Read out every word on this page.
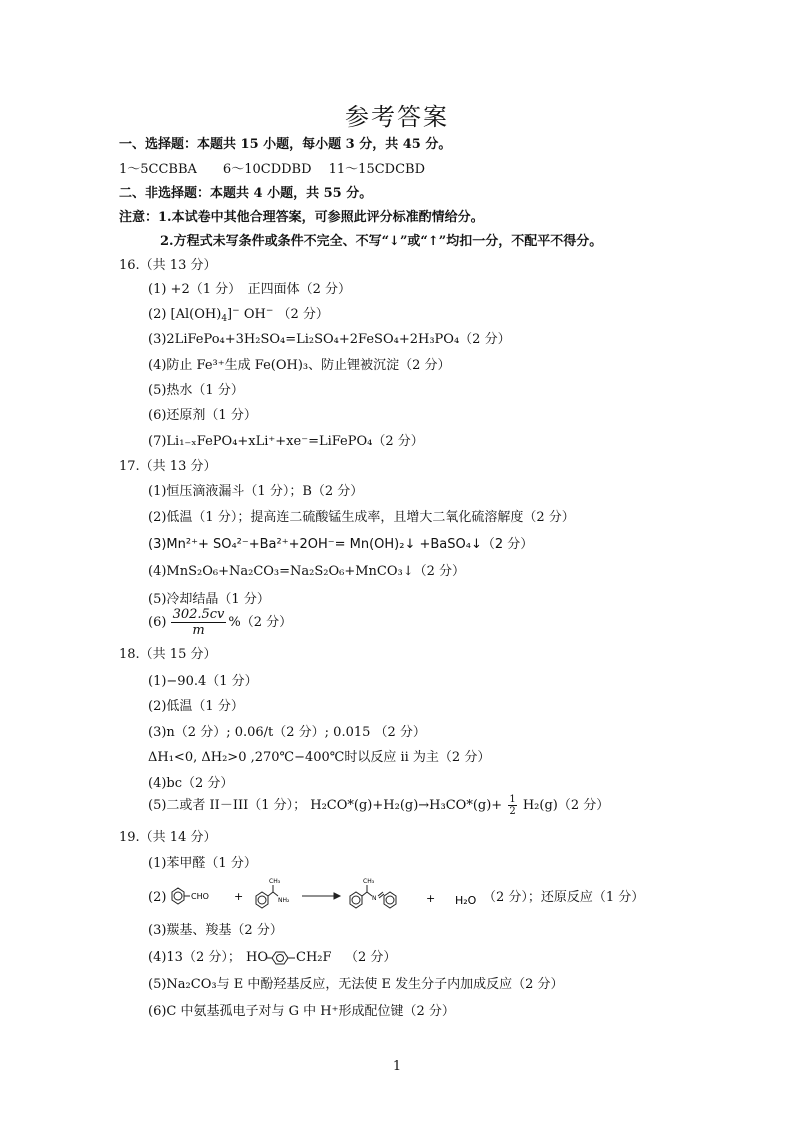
参考答案
一、选择题：本题共 15 小题，每小题 3 分，共 45 分。
1～5CCBBA　　6～10CDDBD　 11～15CDCBD
二、非选择题：本题共 4 小题，共 55 分。
注意：1.本试卷中其他合理答案，可参照此评分标准酌情给分。
2.方程式未写条件或条件不完全、不写“↓”或“↑”均扣一分，不配平不得分。
16.（共 13 分）
(1) +2（1 分）　正四面体（2 分）
(2) $[Al(OH)_4]^-$ OH− （2 分）
(3)2LiFePo₄+3H₂SO₄=Li₂SO₄+2FeSO₄+2H₃PO₄（2 分）
(4)防止 Fe³⁺生成 Fe(OH)₃、防止锂被沉淀（2 分）
(5)热水（1 分）
(6)还原剂（1 分）
(7)Li₁₋ₓFePO₄+xLi⁺+xe⁻=LiFePO₄（2 分）
17.（共 13 分）
(1)恒压滴液漏斗（1 分）；B（2 分）
(2)低温（1 分）；提高连二硫酸锰生成率，且增大二氧化硫溶解度（2 分）
(3)Mn²⁺+ SO₄²⁻+Ba²⁺+2OH⁻= Mn(OH)₂↓ +BaSO₄↓（2 分）
(4)MnS₂O₆+Na₂CO₃=Na₂S₂O₆+MnCO₃↓（2 分）
(5)冷却结晶（1 分）
$(6) \frac{302.5cv}{m} \%(2$ 分）
18.（共 15 分）
(1)−90.4（1 分）
(2)低温（1 分）
(3)n（2 分）; 0.06/t（2 分）; 0.015 （2 分）
ΔH₁<0, ΔH₂>0 ,270℃−400℃时以反应 ii 为主（2 分）
(4)bc（2 分）
(5)二或者 II－III（1 分）； $H_2CO*(g)+H_2(g)\to H_3CO*(g)+ \frac{1}{2} H_2(g)(2$ 分）
19.（共 14 分）
(1)苯甲醛（1 分）
(2)	CHO +
CH₃
NH₂
CH₃
N	+ H₂O （2 分）；还原反应（1 分）
(3)羰基、羧基（2 分）
(4)13（2 分）； HO CH₂F （2 分）
(5)Na₂CO₃与 E 中酚羟基反应，无法使 E 发生分子内加成反应（2 分）
(6)C 中氨基孤电子对与 G 中 H⁺形成配位键（2 分）
1
